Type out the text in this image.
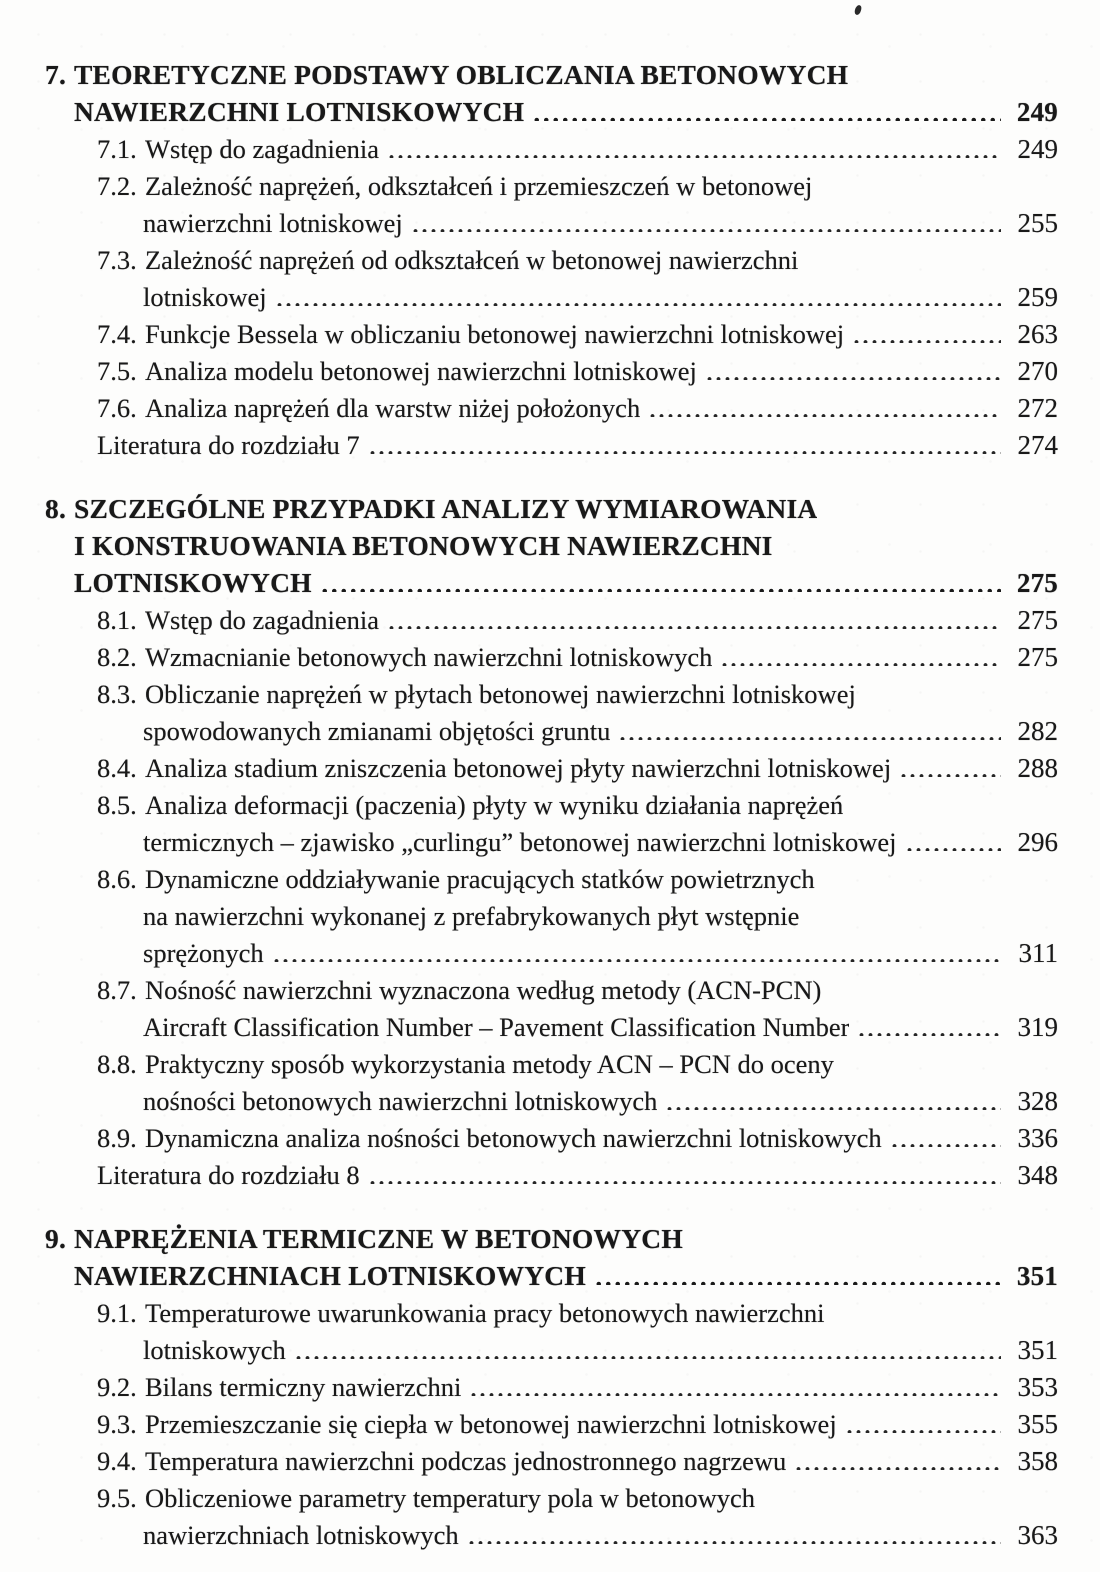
7. TEORETYCZNE PODSTAWY OBLICZANIA BETONOWYCH
NAWIERZCHNI LOTNISKOWYCH	249
7.1. Wstęp do zagadnienia	249
7.2. Zależność naprężeń, odkształceń i przemieszczeń w betonowej
nawierzchni lotniskowej	255
7.3. Zależność naprężeń od odkształceń w betonowej nawierzchni
lotniskowej	259
7.4. Funkcje Bessela w obliczaniu betonowej nawierzchni lotniskowej	263
7.5. Analiza modelu betonowej nawierzchni lotniskowej	270
7.6. Analiza naprężeń dla warstw niżej położonych	272
Literatura do rozdziału 7	274
8. SZCZEGÓLNE PRZYPADKI ANALIZY WYMIAROWANIA
I KONSTRUOWANIA BETONOWYCH NAWIERZCHNI
LOTNISKOWYCH	275
8.1. Wstęp do zagadnienia	275
8.2. Wzmacnianie betonowych nawierzchni lotniskowych	275
8.3. Obliczanie naprężeń w płytach betonowej nawierzchni lotniskowej
spowodowanych zmianami objętości gruntu	282
8.4. Analiza stadium zniszczenia betonowej płyty nawierzchni lotniskowej	288
8.5. Analiza deformacji (paczenia) płyty w wyniku działania naprężeń
termicznych – zjawisko „curlingu” betonowej nawierzchni lotniskowej	296
8.6. Dynamiczne oddziaływanie pracujących statków powietrznych
na nawierzchni wykonanej z prefabrykowanych płyt wstępnie
sprężonych	311
8.7. Nośność nawierzchni wyznaczona według metody (ACN-PCN)
Aircraft Classification Number – Pavement Classification Number	319
8.8. Praktyczny sposób wykorzystania metody ACN – PCN do oceny
nośności betonowych nawierzchni lotniskowych	328
8.9. Dynamiczna analiza nośności betonowych nawierzchni lotniskowych	336
Literatura do rozdziału 8	348
9. NAPRĘŻENIA TERMICZNE W BETONOWYCH
NAWIERZCHNIACH LOTNISKOWYCH	351
9.1. Temperaturowe uwarunkowania pracy betonowych nawierzchni
lotniskowych	351
9.2. Bilans termiczny nawierzchni	353
9.3. Przemieszczanie się ciepła w betonowej nawierzchni lotniskowej	355
9.4. Temperatura nawierzchni podczas jednostronnego nagrzewu	358
9.5. Obliczeniowe parametry temperatury pola w betonowych
nawierzchniach lotniskowych	363
